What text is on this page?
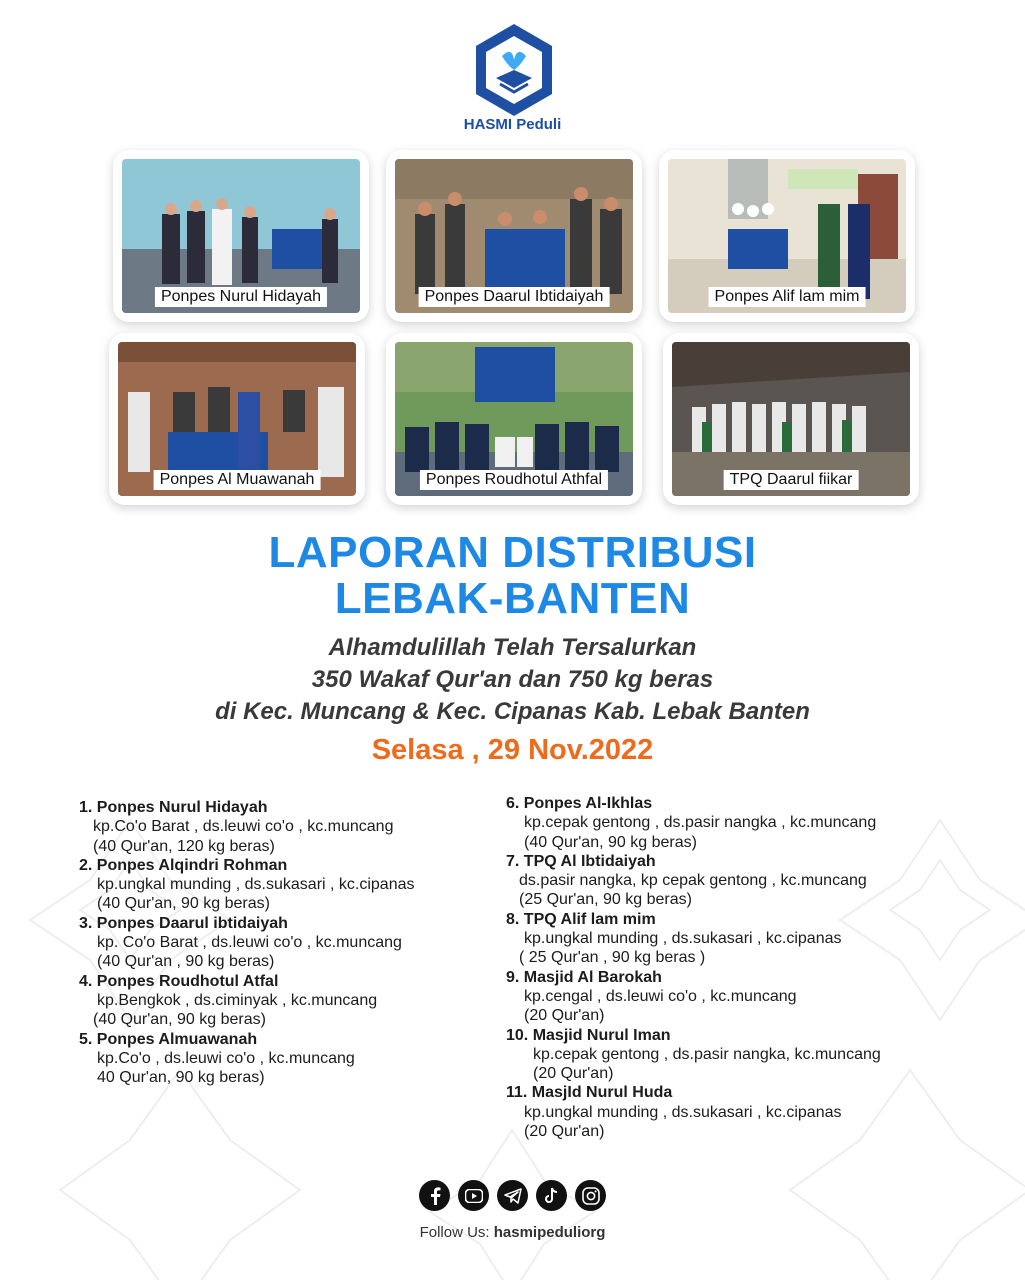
HASMI Peduli
Ponpes Nurul Hidayah	Ponpes Daarul Ibtidaiyah	Ponpes Alif lam mim
Ponpes Al Muawanah	Ponpes Roudhotul Athfal	TPQ Daarul fiikar
LAPORAN DISTRIBUSI
LEBAK-BANTEN
Alhamdulillah Telah Tersalurkan
350 Wakaf Qur'an dan 750 kg beras
di Kec. Muncang & Kec. Cipanas Kab. Lebak Banten
Selasa , 29 Nov.2022
1. Ponpes Nurul Hidayah
kp.Co'o Barat , ds.leuwi co'o , kc.muncang
(40 Qur'an, 120 kg beras)
2. Ponpes Alqindri Rohman
kp.ungkal munding , ds.sukasari , kc.cipanas
(40 Qur'an, 90 kg beras)
3. Ponpes Daarul ibtidaiyah
kp. Co'o Barat , ds.leuwi co'o , kc.muncang
(40 Qur'an , 90 kg beras)
4. Ponpes Roudhotul Atfal
kp.Bengkok , ds.ciminyak , kc.muncang
(40 Qur'an, 90 kg beras)
5. Ponpes Almuawanah
kp.Co'o , ds.leuwi co'o , kc.muncang
40 Qur'an, 90 kg beras)
6. Ponpes Al-Ikhlas
kp.cepak gentong , ds.pasir nangka , kc.muncang
(40 Qur'an, 90 kg beras)
7. TPQ Al Ibtidaiyah
ds.pasir nangka, kp cepak gentong , kc.muncang
(25 Qur'an, 90 kg beras)
8. TPQ Alif lam mim
kp.ungkal munding , ds.sukasari , kc.cipanas
( 25 Qur'an , 90 kg beras )
9. Masjid Al Barokah
kp.cengal , ds.leuwi co'o , kc.muncang
(20 Qur'an)
10. Masjid Nurul Iman
kp.cepak gentong , ds.pasir nangka, kc.muncang
(20 Qur'an)
11. MasjId Nurul Huda
kp.ungkal munding , ds.sukasari , kc.cipanas
(20 Qur'an)
Follow Us: hasmipeduliorg
